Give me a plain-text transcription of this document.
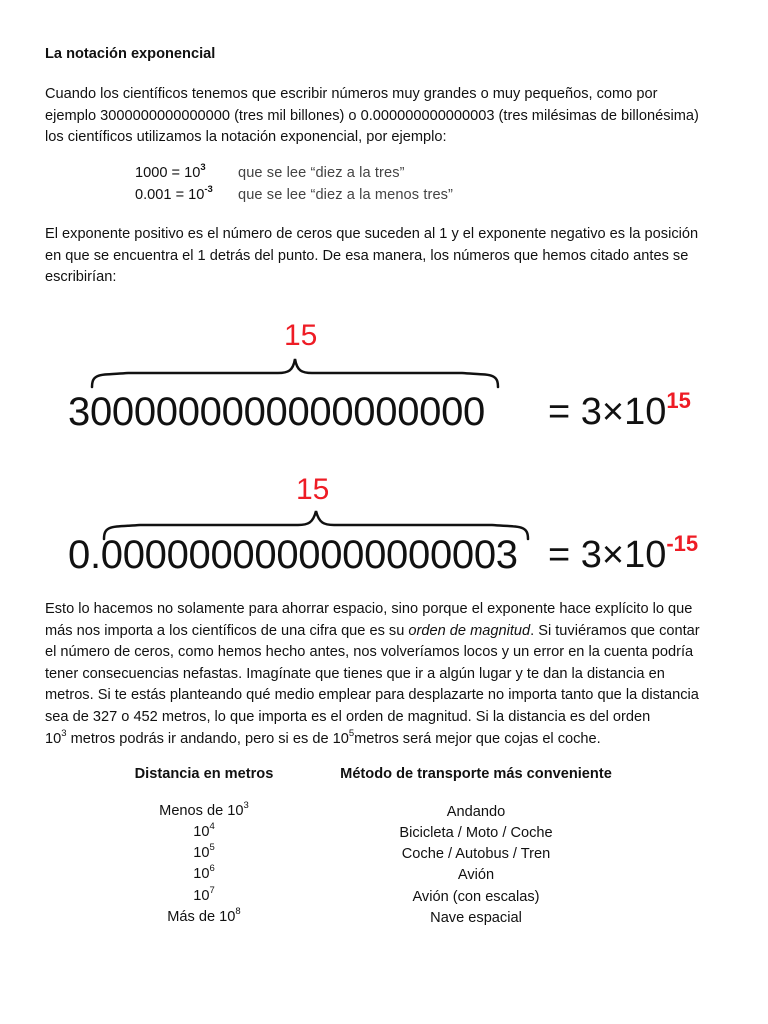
La notación exponencial
Cuando los científicos tenemos que escribir números muy grandes o muy pequeños, como por
ejemplo 3000000000000000 (tres mil billones) o 0.000000000000003 (tres milésimas de billonésima)
los científicos utilizamos la notación exponencial, por ejemplo:
$1000 = 10^3$ que se lee “diez a la tres”
$0.001 = 10^{-3}$ que se lee “diez a la menos tres”
El exponente positivo es el número de ceros que suceden al 1 y el exponente negativo es la posición
en que se encuentra el 1 detrás del punto. De esa manera, los números que hemos citado antes se
escribirían:
15
$3000000000000000000 = 3\times 10^{15}$
15
$0.0000000000000000003 = 3\times 10^{-15}$
Esto lo hacemos no solamente para ahorrar espacio, sino porque el exponente hace explícito lo que
más nos importa a los científicos de una cifra que es su orden de magnitud. Si tuviéramos que contar
el número de ceros, como hemos hecho antes, nos volveríamos locos y un error en la cuenta podría
tener consecuencias nefastas. Imagínate que tienes que ir a algún lugar y te dan la distancia en
metros. Si te estás planteando qué medio emplear para desplazarte no importa tanto que la distancia
sea de 327 o 452 metros, lo que importa es el orden de magnitud. Si la distancia es del orden
$10^3$ metros podrás ir andando, pero si es de $10^5metros$ será mejor que cojas el coche.
Distancia en metros	Método de transporte más conveniente
Menos de $10^3$	Andando
$10^4$	Bicicleta / Moto / Coche
$10^5$	Coche / Autobus / Tren
$10^6$	Avión
$10^7$	Avión (con escalas)
Más de $10^8$	Nave espacial
